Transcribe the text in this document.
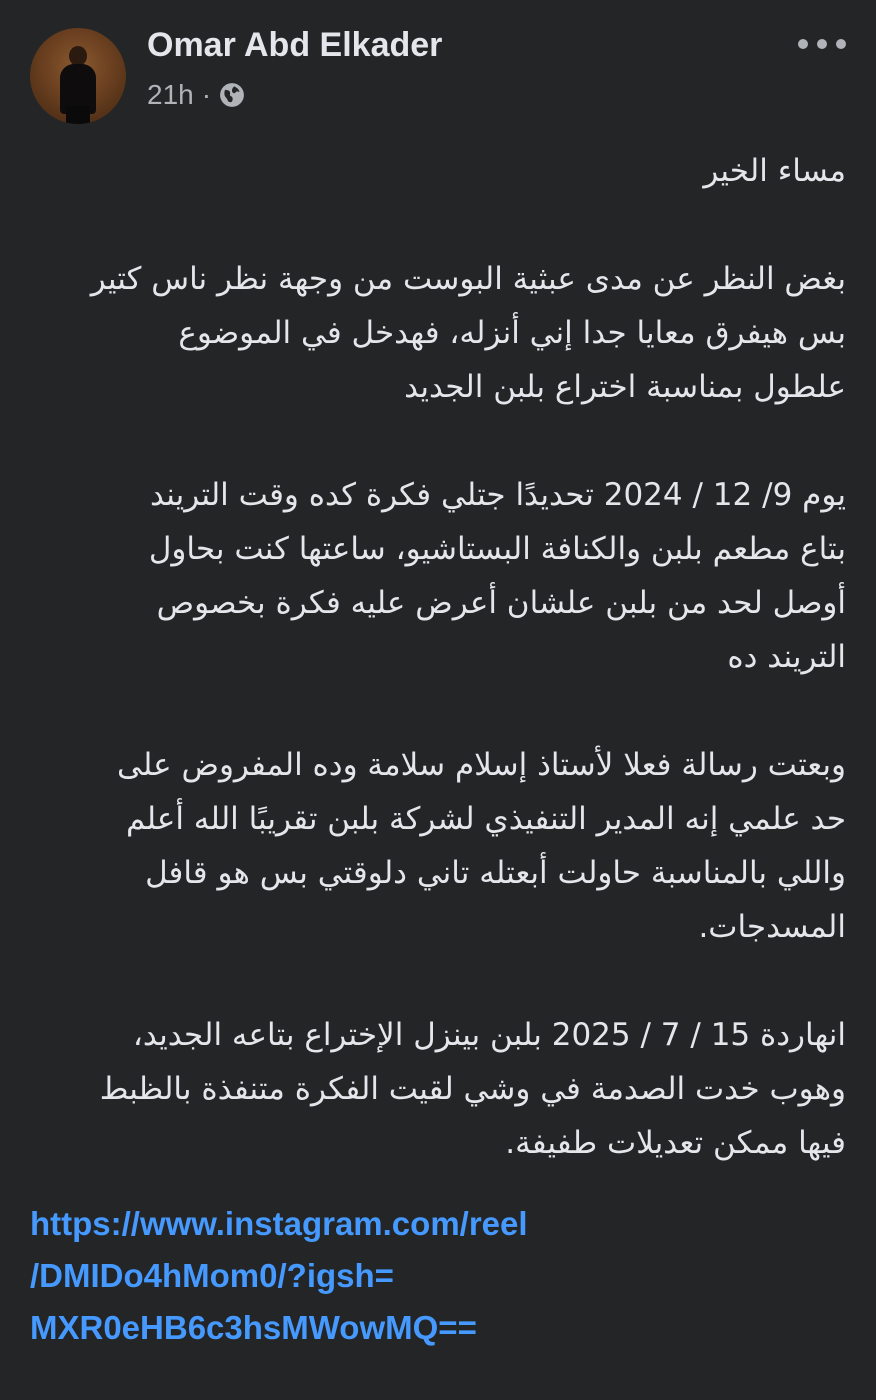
Omar Abd Elkader
21h ·
مساء الخير
بغض النظر عن مدى عبثية البوست من وجهة نظر ناس كتير
بس هيفرق معايا جدا إني أنزله، فهدخل في الموضوع
علطول بمناسبة اختراع بلبن الجديد
يوم 9/ 12 / 2024 تحديدًا جتلي فكرة كده وقت التريند
بتاع مطعم بلبن والكنافة البستاشيو، ساعتها كنت بحاول
أوصل لحد من بلبن علشان أعرض عليه فكرة بخصوص
التريند ده
وبعتت رسالة فعلا لأستاذ إسلام سلامة وده المفروض على
حد علمي إنه المدير التنفيذي لشركة بلبن تقريبًا الله أعلم
واللي بالمناسبة حاولت أبعتله تاني دلوقتي بس هو قافل
المسدجات.
انهاردة 15 / 7 / 2025 بلبن بينزل الإختراع بتاعه الجديد،
وهوب خدت الصدمة في وشي لقيت الفكرة متنفذة بالظبط
فيها ممكن تعديلات طفيفة.
https://www.instagram.com/reel
/DMIDo4hMom0/?igsh=
MXR0eHB6c3hsMWowMQ==
